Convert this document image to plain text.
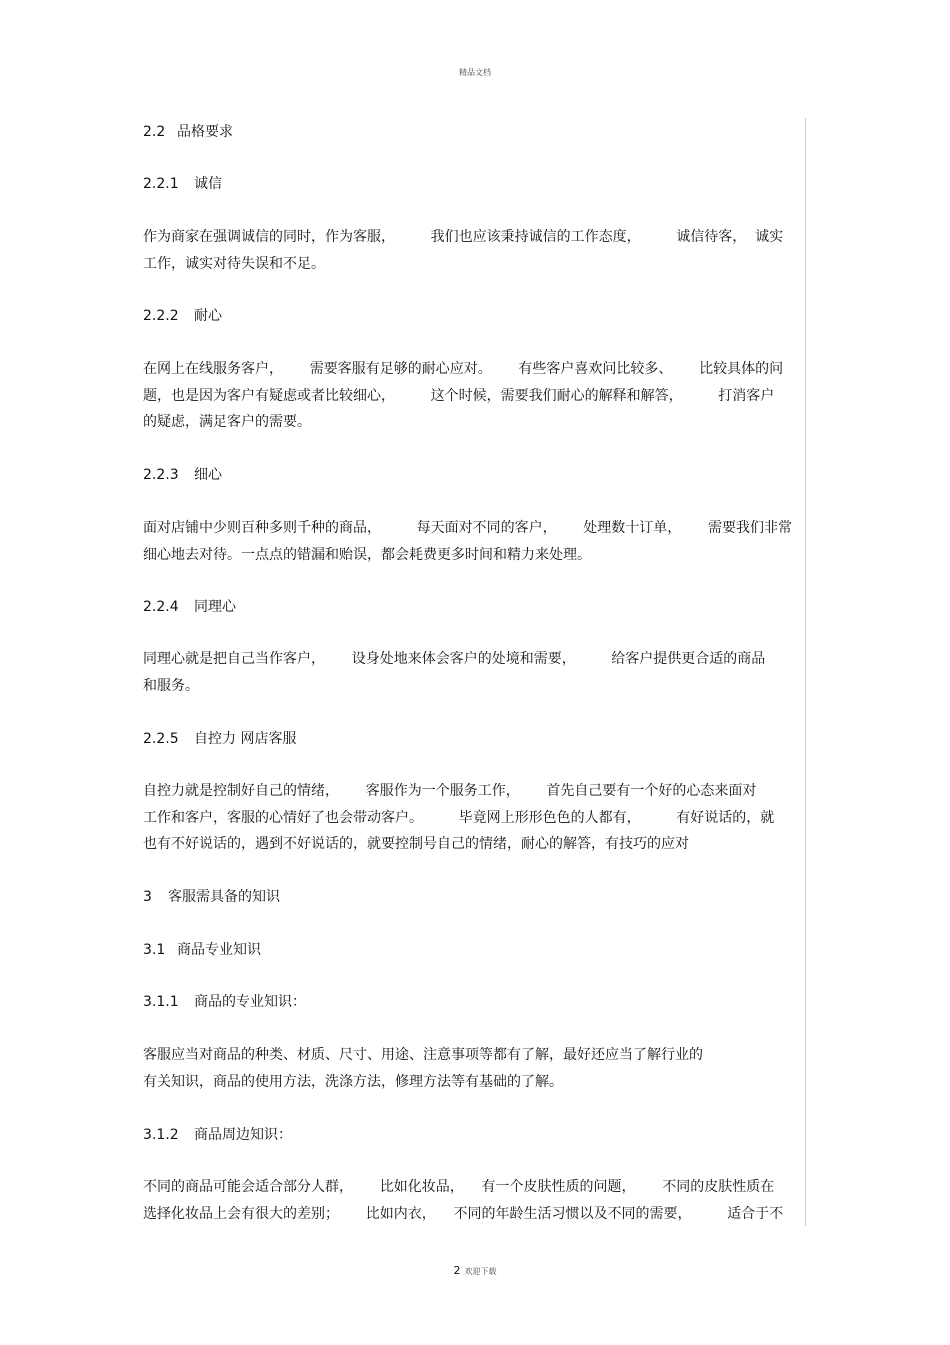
精品文档
2.2 品格要求
2.2.1 诚信
作为商家在强调诚信的同时，作为客服，        我们也应该秉持诚信的工作态度，        诚信待客，  诚实
工作，诚实对待失误和不足。
2.2.2 耐心
在网上在线服务客户，      需要客服有足够的耐心应对。      有些客户喜欢问比较多、      比较具体的问
题，也是因为客户有疑虑或者比较细心，        这个时候，需要我们耐心的解释和解答，        打消客户
的疑虑，满足客户的需要。
2.2.3 细心
面对店铺中少则百种多则千种的商品，        每天面对不同的客户，      处理数十订单，      需要我们非常
细心地去对待。一点点的错漏和贻误，都会耗费更多时间和精力来处理。
2.2.4 同理心
同理心就是把自己当作客户，      设身处地来体会客户的处境和需要，        给客户提供更合适的商品
和服务。
2.2.5 自控力 网店客服
自控力就是控制好自己的情绪，      客服作为一个服务工作，      首先自己要有一个好的心态来面对
工作和客户，客服的心情好了也会带动客户。        毕竟网上形形色色的人都有，        有好说话的，就
也有不好说话的，遇到不好说话的，就要控制号自己的情绪，耐心的解答，有技巧的应对
3 客服需具备的知识
3.1 商品专业知识
3.1.1 商品的专业知识：
客服应当对商品的种类、材质、尺寸、用途、注意事项等都有了解，最好还应当了解行业的
有关知识，商品的使用方法，洗涤方法，修理方法等有基础的了解。
3.1.2 商品周边知识：
不同的商品可能会适合部分人群，      比如化妆品，    有一个皮肤性质的问题，      不同的皮肤性质在
选择化妆品上会有很大的差别；      比如内衣，    不同的年龄生活习惯以及不同的需要，        适合于不
2 欢迎下载
